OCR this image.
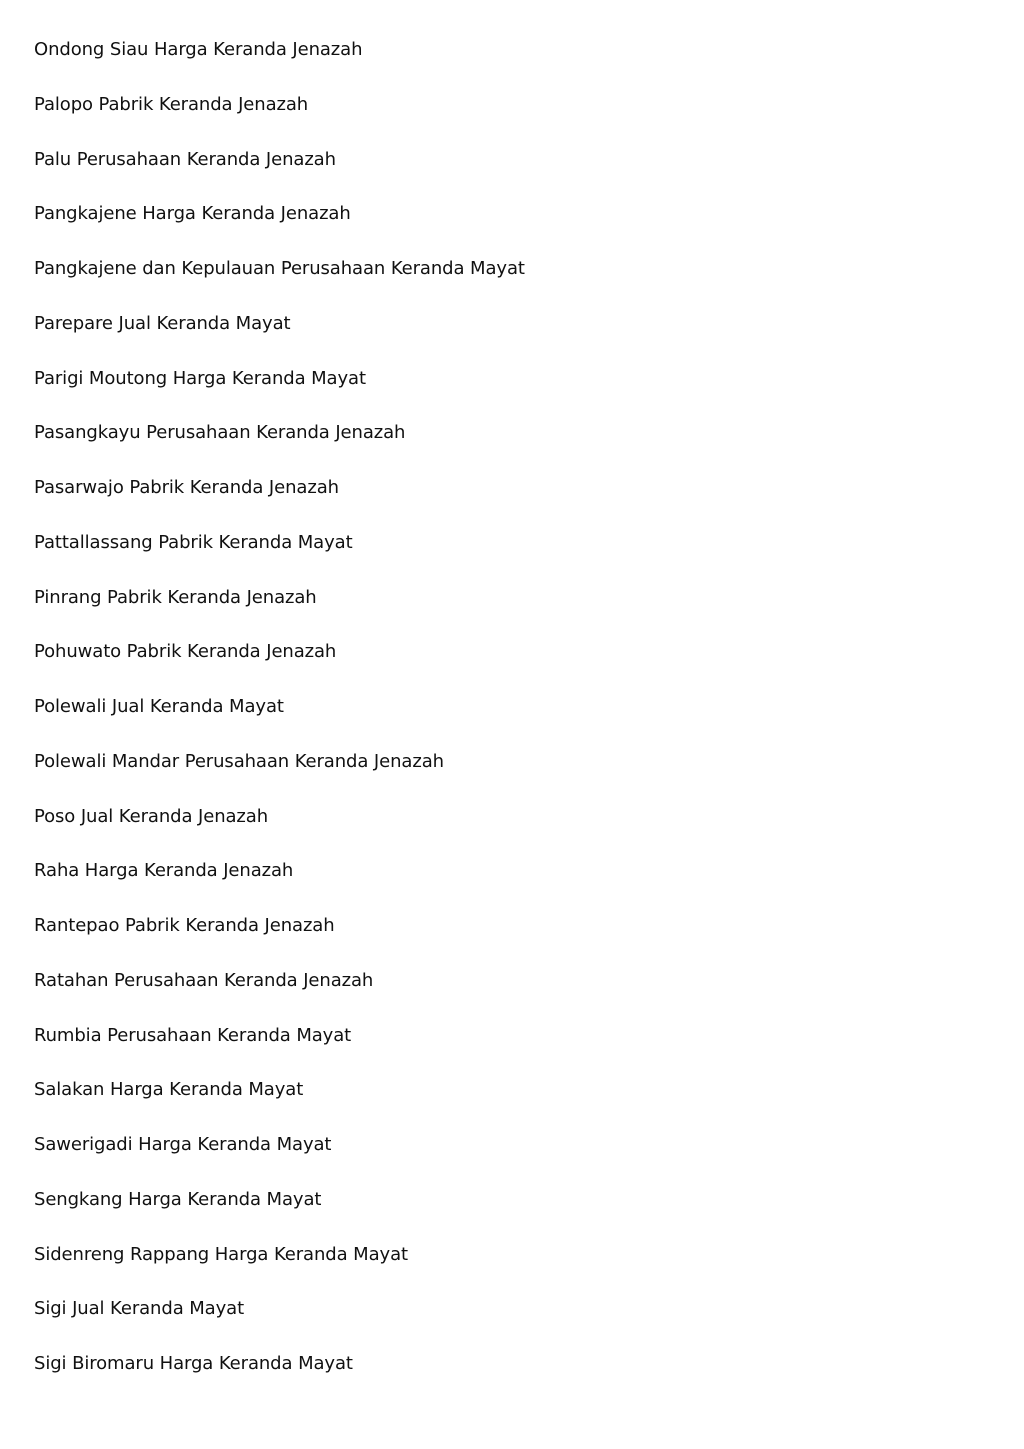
Ondong Siau Harga Keranda Jenazah
Palopo Pabrik Keranda Jenazah
Palu Perusahaan Keranda Jenazah
Pangkajene Harga Keranda Jenazah
Pangkajene dan Kepulauan Perusahaan Keranda Mayat
Parepare Jual Keranda Mayat
Parigi Moutong Harga Keranda Mayat
Pasangkayu Perusahaan Keranda Jenazah
Pasarwajo Pabrik Keranda Jenazah
Pattallassang Pabrik Keranda Mayat
Pinrang Pabrik Keranda Jenazah
Pohuwato Pabrik Keranda Jenazah
Polewali Jual Keranda Mayat
Polewali Mandar Perusahaan Keranda Jenazah
Poso Jual Keranda Jenazah
Raha Harga Keranda Jenazah
Rantepao Pabrik Keranda Jenazah
Ratahan Perusahaan Keranda Jenazah
Rumbia Perusahaan Keranda Mayat
Salakan Harga Keranda Mayat
Sawerigadi Harga Keranda Mayat
Sengkang Harga Keranda Mayat
Sidenreng Rappang Harga Keranda Mayat
Sigi Jual Keranda Mayat
Sigi Biromaru Harga Keranda Mayat
